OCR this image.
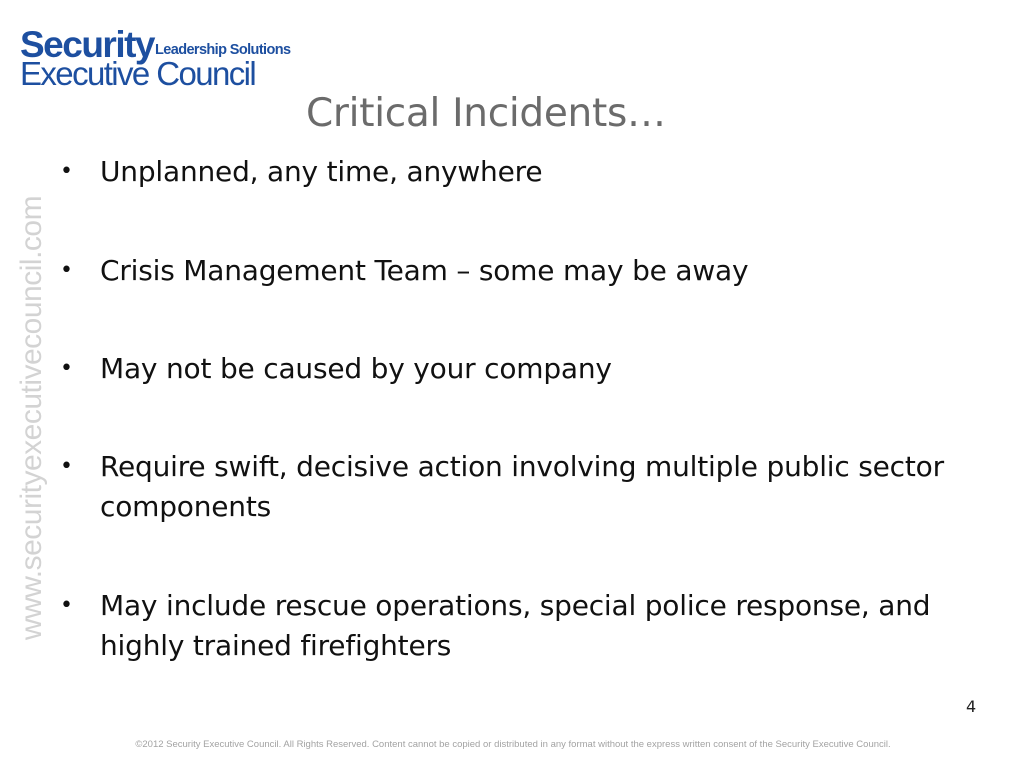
SecurityLeadership Solutions
Executive Council
www.securityexecutivecouncil.com
Critical Incidents…
• Unplanned, any time, anywhere
• Crisis Management Team – some may be away
• May not be caused by your company
• Require swift, decisive action involving multiple public sector components
• May include rescue operations, special police response, and highly trained firefighters
4
©2012 Security Executive Council. All Rights Reserved. Content cannot be copied or distributed in any format without the express written consent of the Security Executive Council.
